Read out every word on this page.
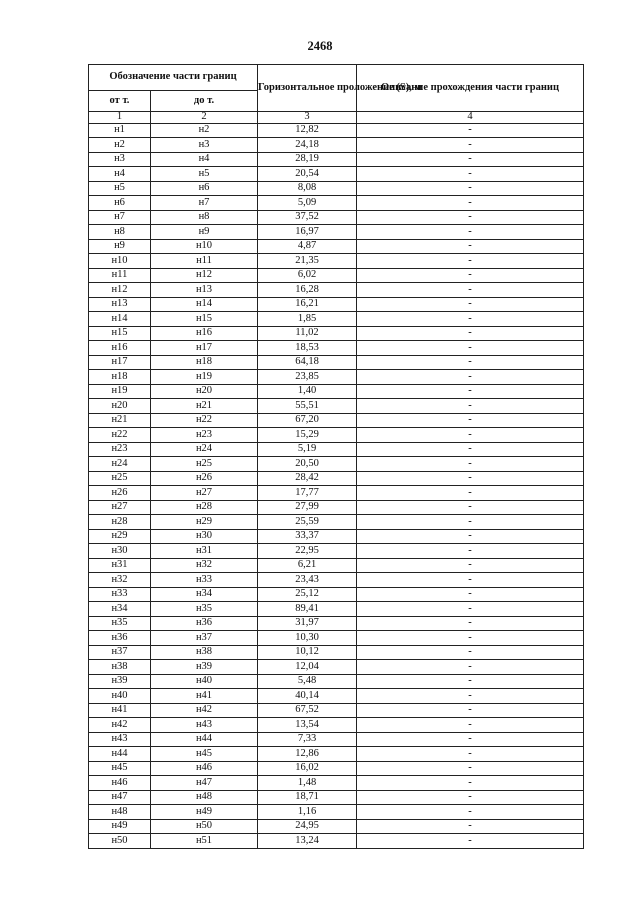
2468
Обозначение части границ		Горизонтальное проложение (S), м	Описание прохождения части границ
от т.	до т.		
1	2	3	4
н1	н2	12,82	-
н2	н3	24,18	-
н3	н4	28,19	-
н4	н5	20,54	-
н5	н6	8,08	-
н6	н7	5,09	-
н7	н8	37,52	-
н8	н9	16,97	-
н9	н10	4,87	-
н10	н11	21,35	-
н11	н12	6,02	-
н12	н13	16,28	-
н13	н14	16,21	-
н14	н15	1,85	-
н15	н16	11,02	-
н16	н17	18,53	-
н17	н18	64,18	-
н18	н19	23,85	-
н19	н20	1,40	-
н20	н21	55,51	-
н21	н22	67,20	-
н22	н23	15,29	-
н23	н24	5,19	-
н24	н25	20,50	-
н25	н26	28,42	-
н26	н27	17,77	-
н27	н28	27,99	-
н28	н29	25,59	-
н29	н30	33,37	-
н30	н31	22,95	-
н31	н32	6,21	-
н32	н33	23,43	-
н33	н34	25,12	-
н34	н35	89,41	-
н35	н36	31,97	-
н36	н37	10,30	-
н37	н38	10,12	-
н38	н39	12,04	-
н39	н40	5,48	-
н40	н41	40,14	-
н41	н42	67,52	-
н42	н43	13,54	-
н43	н44	7,33	-
н44	н45	12,86	-
н45	н46	16,02	-
н46	н47	1,48	-
н47	н48	18,71	-
н48	н49	1,16	-
н49	н50	24,95	-
н50	н51	13,24	-
